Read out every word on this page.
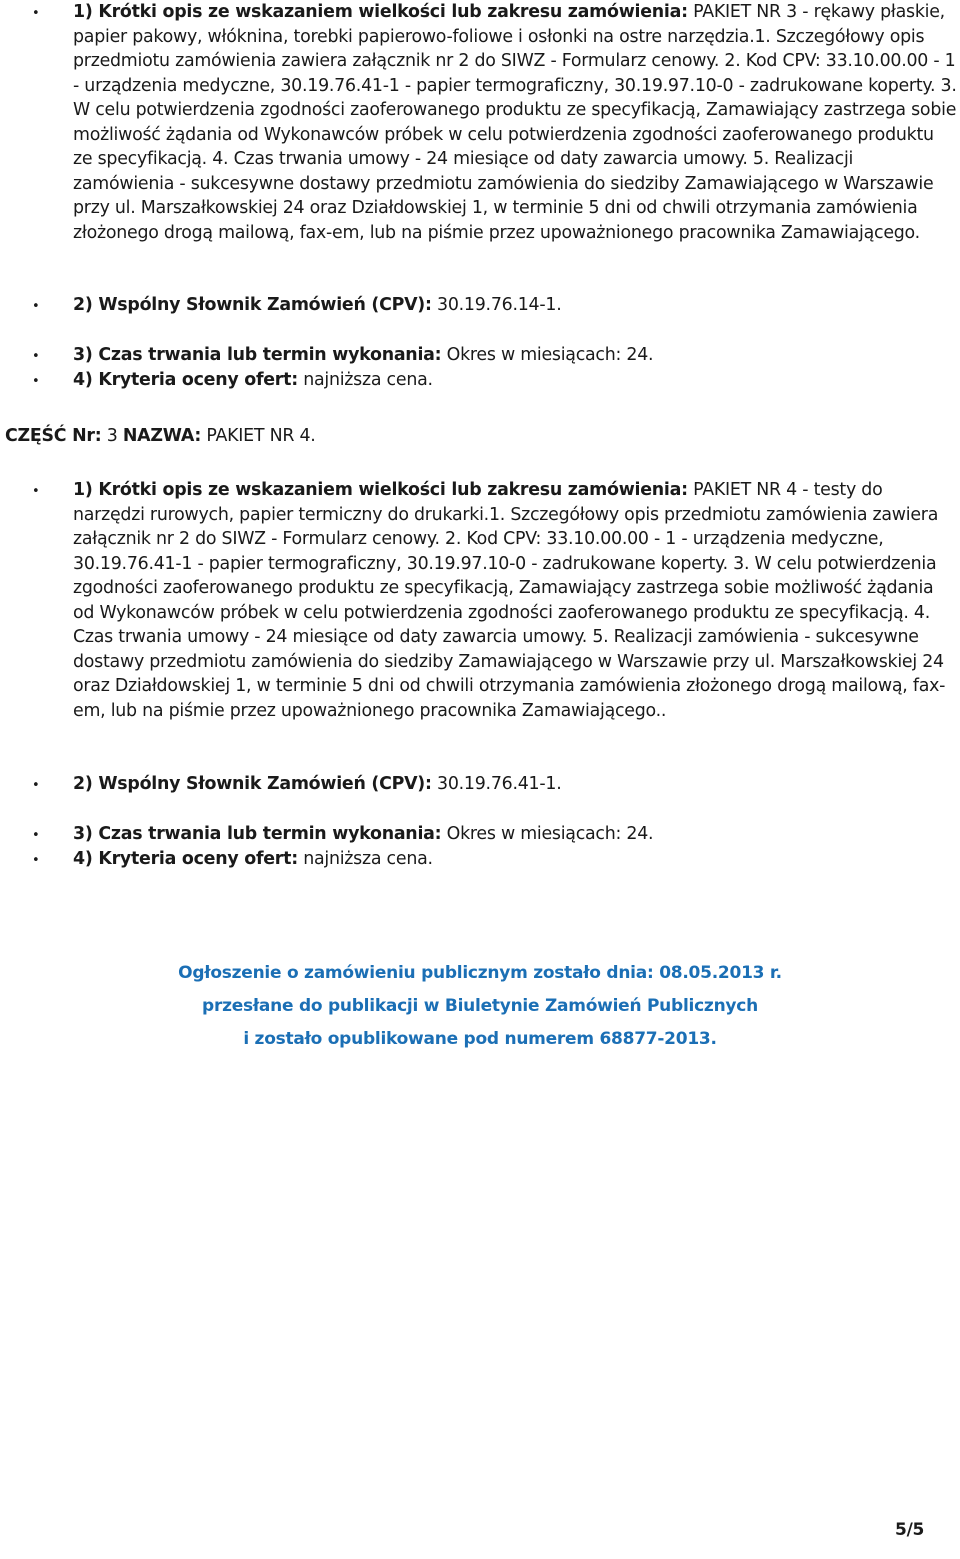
• 1) Krótki opis ze wskazaniem wielkości lub zakresu zamówienia: PAKIET NR 3 - rękawy płaskie, papier pakowy, włóknina, torebki papierowo-foliowe i osłonki na ostre narzędzia.1. Szczegółowy opis przedmiotu zamówienia zawiera załącznik nr 2 do SIWZ - Formularz cenowy. 2. Kod CPV: 33.10.00.00 - 1 - urządzenia medyczne, 30.19.76.41-1 - papier termograficzny, 30.19.97.10-0 - zadrukowane koperty. 3. W celu potwierdzenia zgodności zaoferowanego produktu ze specyfikacją, Zamawiający zastrzega sobie możliwość żądania od Wykonawców próbek w celu potwierdzenia zgodności zaoferowanego produktu ze specyfikacją. 4. Czas trwania umowy - 24 miesiące od daty zawarcia umowy. 5. Realizacji zamówienia - sukcesywne dostawy przedmiotu zamówienia do siedziby Zamawiającego w Warszawie przy ul. Marszałkowskiej 24 oraz Działdowskiej 1, w terminie 5 dni od chwili otrzymania zamówienia złożonego drogą mailową, fax-em, lub na piśmie przez upoważnionego pracownika Zamawiającego.
• 2) Wspólny Słownik Zamówień (CPV): 30.19.76.14-1.
• 3) Czas trwania lub termin wykonania: Okres w miesiącach: 24.
• 4) Kryteria oceny ofert: najniższa cena.
CZĘŚĆ Nr: 3 NAZWA: PAKIET NR 4.
• 1) Krótki opis ze wskazaniem wielkości lub zakresu zamówienia: PAKIET NR 4 - testy do narzędzi rurowych, papier termiczny do drukarki.1. Szczegółowy opis przedmiotu zamówienia zawiera załącznik nr 2 do SIWZ - Formularz cenowy. 2. Kod CPV: 33.10.00.00 - 1 - urządzenia medyczne, 30.19.76.41-1 - papier termograficzny, 30.19.97.10-0 - zadrukowane koperty. 3. W celu potwierdzenia zgodności zaoferowanego produktu ze specyfikacją, Zamawiający zastrzega sobie możliwość żądania od Wykonawców próbek w celu potwierdzenia zgodności zaoferowanego produktu ze specyfikacją. 4. Czas trwania umowy - 24 miesiące od daty zawarcia umowy. 5. Realizacji zamówienia - sukcesywne dostawy przedmiotu zamówienia do siedziby Zamawiającego w Warszawie przy ul. Marszałkowskiej 24 oraz Działdowskiej 1, w terminie 5 dni od chwili otrzymania zamówienia złożonego drogą mailową, fax-em, lub na piśmie przez upoważnionego pracownika Zamawiającego..
• 2) Wspólny Słownik Zamówień (CPV): 30.19.76.41-1.
• 3) Czas trwania lub termin wykonania: Okres w miesiącach: 24.
• 4) Kryteria oceny ofert: najniższa cena.
Ogłoszenie o zamówieniu publicznym zostało dnia: 08.05.2013 r.
przesłane do publikacji w Biuletynie Zamówień Publicznych
i zostało opublikowane pod numerem 68877-2013.
5/5
